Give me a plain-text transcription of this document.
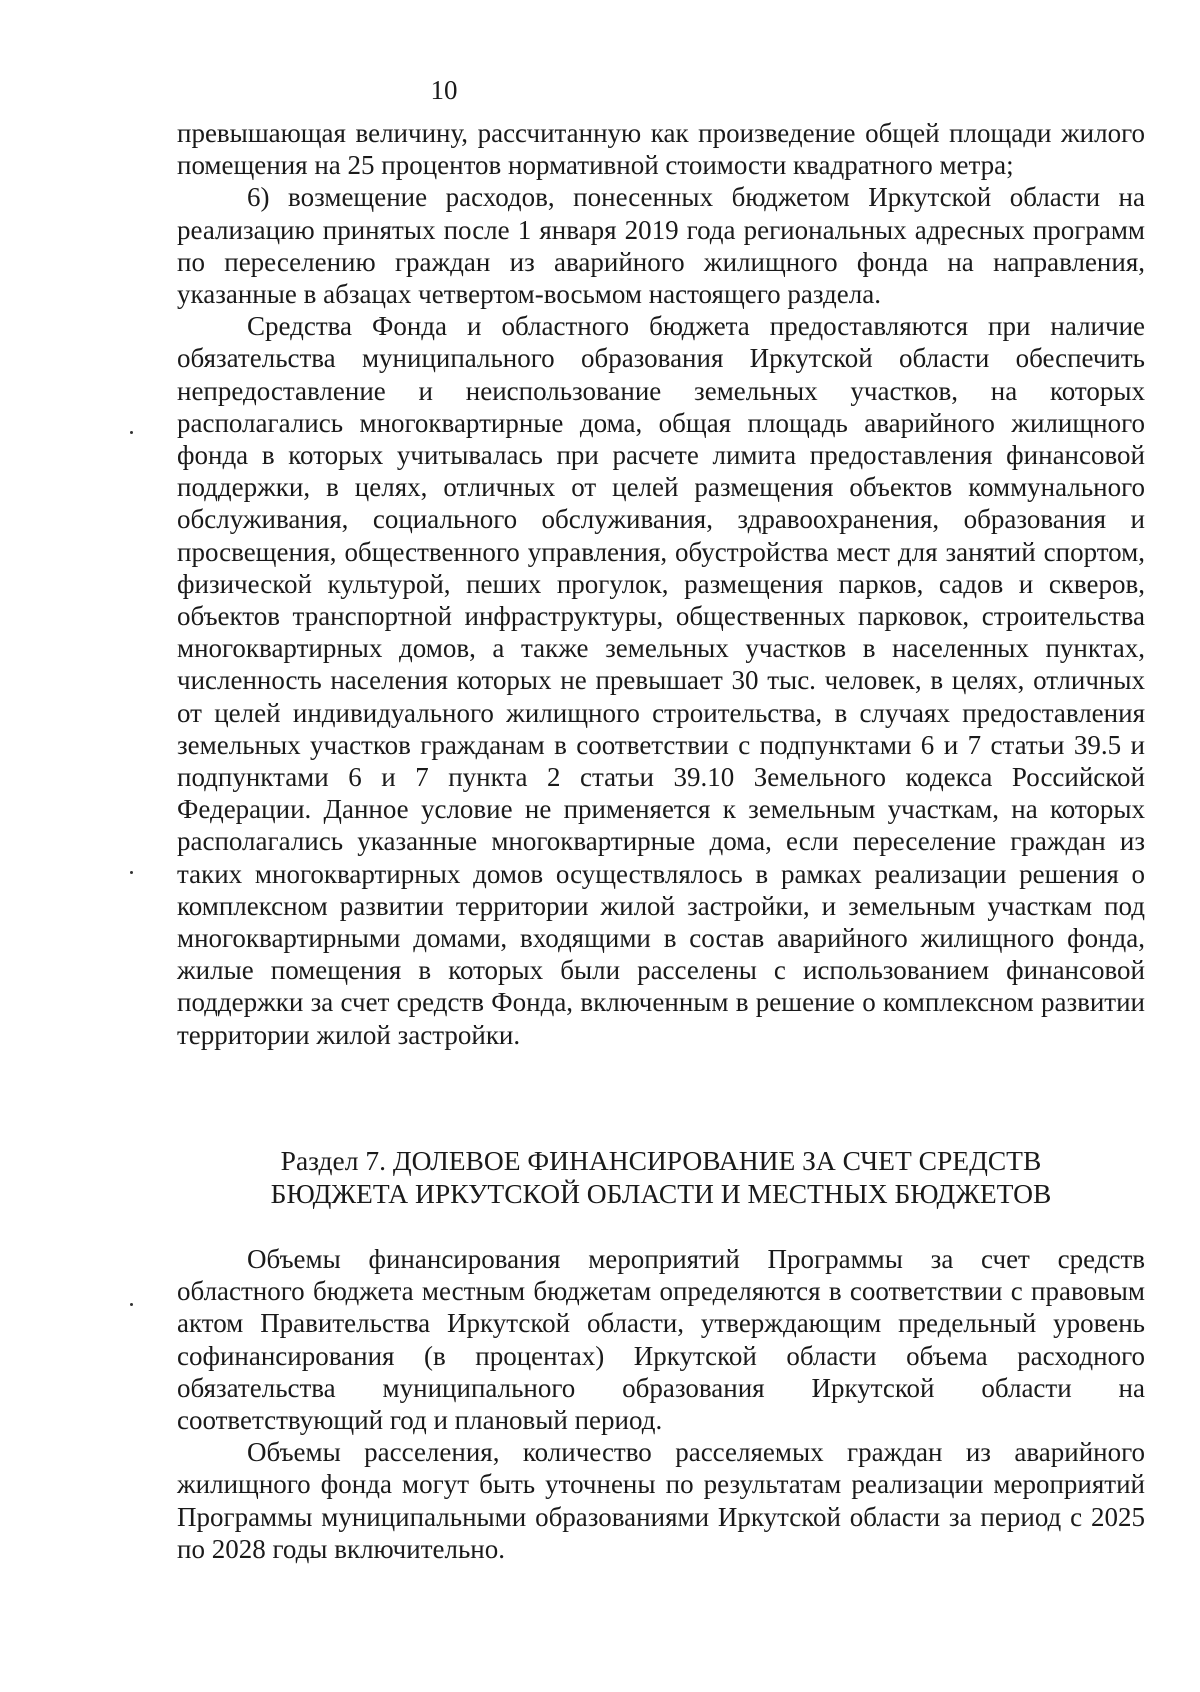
10

превышающая величину, рассчитанную как произведение общей площади жилого помещения на 25 процентов нормативной стоимости квадратного метра;

6) возмещение расходов, понесенных бюджетом Иркутской области на реализацию принятых после 1 января 2019 года региональных адресных программ по переселению граждан из аварийного жилищного фонда на направления, указанные в абзацах четвертом-восьмом настоящего раздела.

Средства Фонда и областного бюджета предоставляются при наличие обязательства муниципального образования Иркутской области обеспечить непредоставление и неиспользование земельных участков, на которых располагались многоквартирные дома, общая площадь аварийного жилищного фонда в которых учитывалась при расчете лимита предоставления финансовой поддержки, в целях, отличных от целей размещения объектов коммунального обслуживания, социального обслуживания, здравоохранения, образования и просвещения, общественного управления, обустройства мест для занятий спортом, физической культурой, пеших прогулок, размещения парков, садов и скверов, объектов транспортной инфраструктуры, общественных парковок, строительства многоквартирных домов, а также земельных участков в населенных пунктах, численность населения которых не превышает 30 тыс. человек, в целях, отличных от целей индивидуального жилищного строительства, в случаях предоставления земельных участков гражданам в соответствии с подпунктами 6 и 7 статьи 39.5 и подпунктами 6 и 7 пункта 2 статьи 39.10 Земельного кодекса Российской Федерации. Данное условие не применяется к земельным участкам, на которых располагались указанные многоквартирные дома, если переселение граждан из таких многоквартирных домов осуществлялось в рамках реализации решения о комплексном развитии территории жилой застройки, и земельным участкам под многоквартирными домами, входящими в состав аварийного жилищного фонда, жилые помещения в которых были расселены с использованием финансовой поддержки за счет средств Фонда, включенным в решение о комплексном развитии территории жилой застройки.

Раздел 7. ДОЛЕВОЕ ФИНАНСИРОВАНИЕ ЗА СЧЕТ СРЕДСТВ
БЮДЖЕТА ИРКУТСКОЙ ОБЛАСТИ И МЕСТНЫХ БЮДЖЕТОВ

Объемы финансирования мероприятий Программы за счет средств областного бюджета местным бюджетам определяются в соответствии с правовым актом Правительства Иркутской области, утверждающим предельный уровень софинансирования (в процентах) Иркутской области объема расходного обязательства муниципального образования Иркутской области на соответствующий год и плановый период.

Объемы расселения, количество расселяемых граждан из аварийного жилищного фонда могут быть уточнены по результатам реализации мероприятий Программы муниципальными образованиями Иркутской области за период с 2025 по 2028 годы включительно.
